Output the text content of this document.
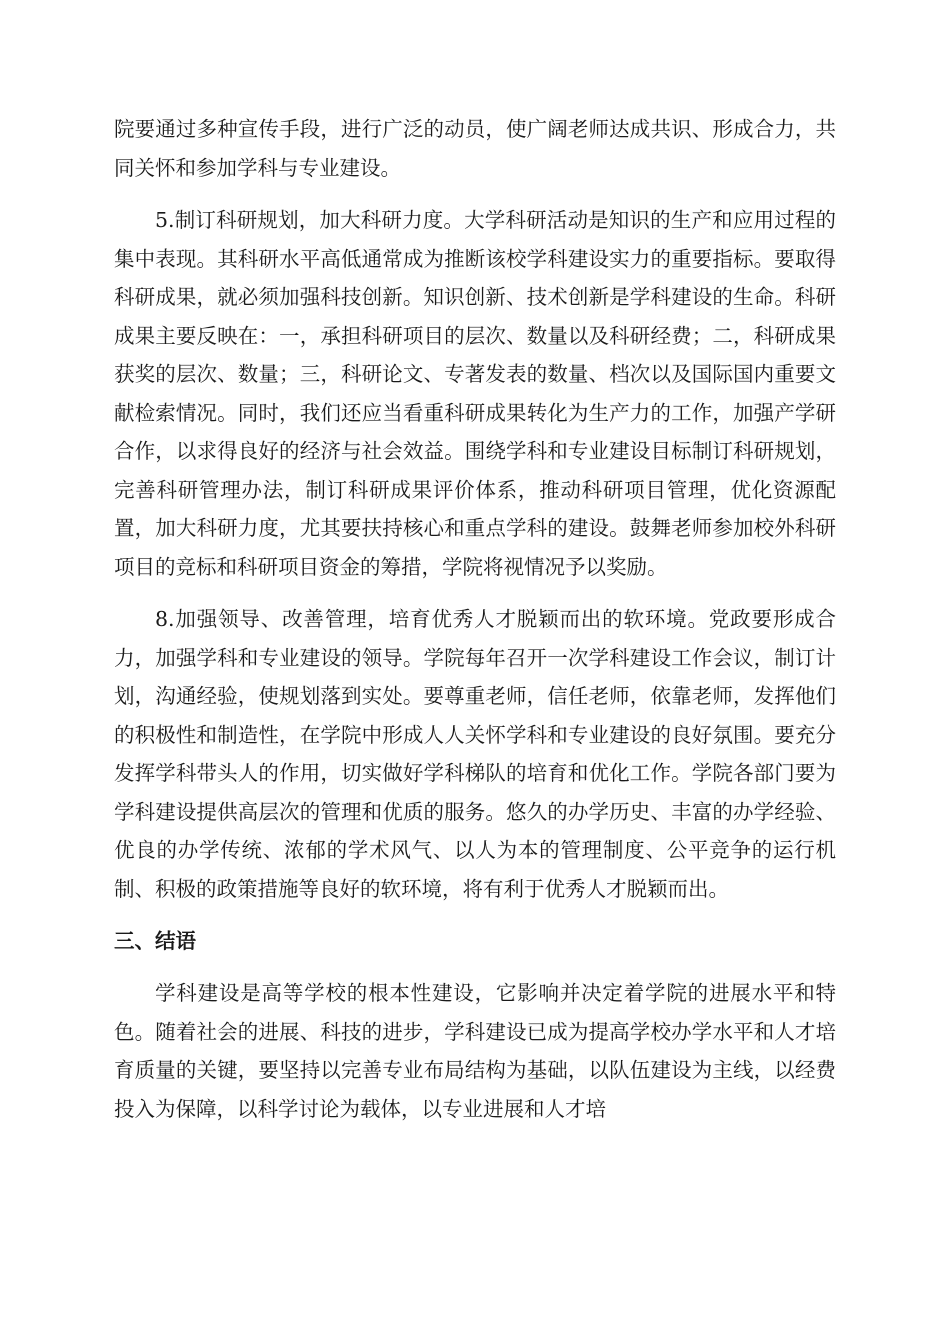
院要通过多种宣传手段，进行广泛的动员，使广阔老师达成共识、形成合力，共同关怀和参加学科与专业建设。

5.制订科研规划，加大科研力度。大学科研活动是知识的生产和应用过程的集中表现。其科研水平高低通常成为推断该校学科建设实力的重要指标。要取得科研成果，就必须加强科技创新。知识创新、技术创新是学科建设的生命。科研成果主要反映在：一，承担科研项目的层次、数量以及科研经费；二，科研成果获奖的层次、数量；三，科研论文、专著发表的数量、档次以及国际国内重要文献检索情况。同时，我们还应当看重科研成果转化为生产力的工作，加强产学研合作，以求得良好的经济与社会效益。围绕学科和专业建设目标制订科研规划，完善科研管理办法，制订科研成果评价体系，推动科研项目管理，优化资源配置，加大科研力度，尤其要扶持核心和重点学科的建设。鼓舞老师参加校外科研项目的竞标和科研项目资金的筹措，学院将视情况予以奖励。

8.加强领导、改善管理，培育优秀人才脱颖而出的软环境。党政要形成合力，加强学科和专业建设的领导。学院每年召开一次学科建设工作会议，制订计划，沟通经验，使规划落到实处。要尊重老师，信任老师，依靠老师，发挥他们的积极性和制造性，在学院中形成人人关怀学科和专业建设的良好氛围。要充分发挥学科带头人的作用，切实做好学科梯队的培育和优化工作。学院各部门要为学科建设提供高层次的管理和优质的服务。悠久的办学历史、丰富的办学经验、优良的办学传统、浓郁的学术风气、以人为本的管理制度、公平竞争的运行机制、积极的政策措施等良好的软环境，将有利于优秀人才脱颖而出。

三、结语

学科建设是高等学校的根本性建设，它影响并决定着学院的进展水平和特色。随着社会的进展、科技的进步，学科建设已成为提高学校办学水平和人才培育质量的关键，要坚持以完善专业布局结构为基础，以队伍建设为主线，以经费投入为保障，以科学讨论为载体，以专业进展和人才培
